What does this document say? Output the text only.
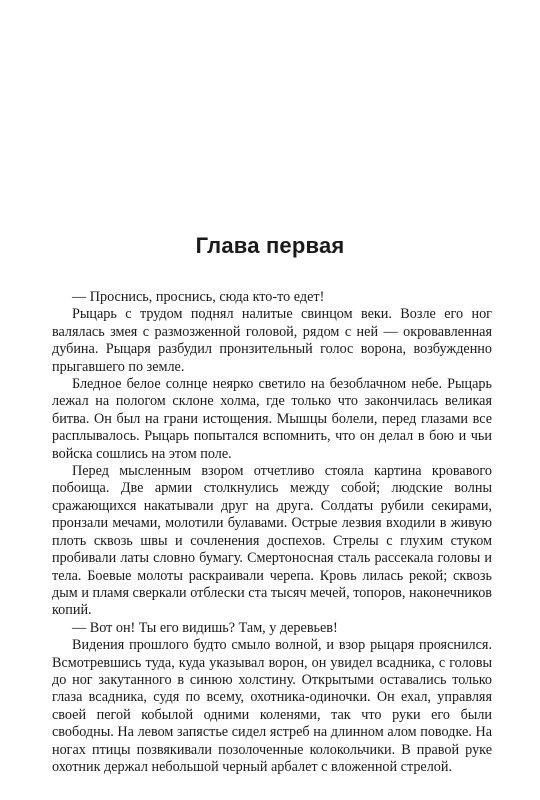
Глава первая

— Проснись, проснись, сюда кто-то едет!

Рыцарь с трудом поднял налитые свинцом веки. Возле его ног валялась змея с размозженной головой, рядом с ней — окровавленная дубина. Рыцаря разбудил пронзительный голос ворона, возбужденно прыгавшего по земле.

Бледное белое солнце неярко светило на безоблачном небе. Рыцарь лежал на пологом склоне холма, где только что закончилась великая битва. Он был на грани истощения. Мышцы болели, перед глазами все расплывалось. Рыцарь попытался вспомнить, что он делал в бою и чьи войска сошлись на этом поле.

Перед мысленным взором отчетливо стояла картина кровавого побоища. Две армии столкнулись между собой; людские волны сражающихся накатывали друг на друга. Солдаты рубили секирами, пронзали мечами, молотили булавами. Острые лезвия входили в живую плоть сквозь швы и сочленения доспехов. Стрелы с глухим стуком пробивали латы словно бумагу. Смертоносная сталь рассекала головы и тела. Боевые молоты раскраивали черепа. Кровь лилась рекой; сквозь дым и пламя сверкали отблески ста тысяч мечей, топоров, наконечников копий.

— Вот он! Ты его видишь? Там, у деревьев!

Видения прошлого будто смыло волной, и взор рыцаря прояснился. Всмотревшись туда, куда указывал ворон, он увидел всадника, с головы до ног закутанного в синюю холстину. Открытыми оставались только глаза всадника, судя по всему, охотника-одиночки. Он ехал, управляя своей пегой кобылой одними коленями, так что руки его были свободны. На левом запястье сидел ястреб на длинном алом поводке. На ногах птицы позвякивали позолоченные колокольчики. В правой руке охотник держал небольшой черный арбалет с вложенной стрелой.
